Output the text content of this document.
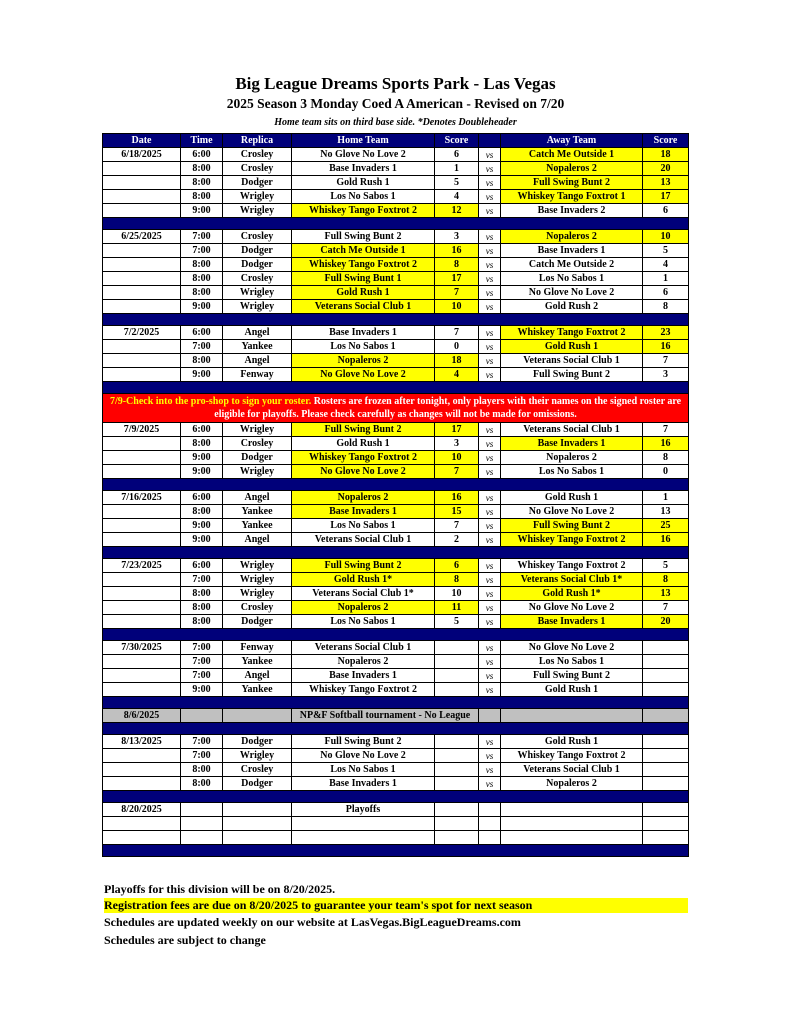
Big League Dreams Sports Park - Las Vegas
2025 Season 3 Monday Coed A American - Revised on 7/20
Home team sits on third base side. *Denotes Doubleheader
Date	Time	Replica	Home Team	Score		Away Team	Score
6/18/2025	6:00	Crosley	No Glove No Love 2	6	vs	Catch Me Outside 1	18
	8:00	Crosley	Base Invaders 1	1	vs	Nopaleros 2	20
	8:00	Dodger	Gold Rush 1	5	vs	Full Swing Bunt 2	13
	8:00	Wrigley	Los No Sabos 1	4	vs	Whiskey Tango Foxtrot 1	17
	9:00	Wrigley	Whiskey Tango Foxtrot 2	12	vs	Base Invaders 2	6

6/25/2025	7:00	Crosley	Full Swing Bunt 2	3	vs	Nopaleros 2	10
	7:00	Dodger	Catch Me Outside 1	16	vs	Base Invaders 1	5
	8:00	Dodger	Whiskey Tango Foxtrot 2	8	vs	Catch Me Outside 2	4
	8:00	Crosley	Full Swing Bunt 1	17	vs	Los No Sabos 1	1
	8:00	Wrigley	Gold Rush 1	7	vs	No Glove No Love 2	6
	9:00	Wrigley	Veterans Social Club 1	10	vs	Gold Rush 2	8

7/2/2025	6:00	Angel	Base Invaders 1	7	vs	Whiskey Tango Foxtrot 2	23
	7:00	Yankee	Los No Sabos 1	0	vs	Gold Rush 1	16
	8:00	Angel	Nopaleros 2	18	vs	Veterans Social Club 1	7
	9:00	Fenway	No Glove No Love 2	4	vs	Full Swing Bunt 2	3

7/9-Check into the pro-shop to sign your roster. Rosters are frozen after tonight, only players with their names on the signed roster are eligible for playoffs. Please check carefully as changes will not be made for omissions.							
7/9/2025	6:00	Wrigley	Full Swing Bunt 2	17	vs	Veterans Social Club 1	7
	8:00	Crosley	Gold Rush 1	3	vs	Base Invaders 1	16
	9:00	Dodger	Whiskey Tango Foxtrot 2	10	vs	Nopaleros 2	8
	9:00	Wrigley	No Glove No Love 2	7	vs	Los No Sabos 1	0

7/16/2025	6:00	Angel	Nopaleros 2	16	vs	Gold Rush 1	1
	8:00	Yankee	Base Invaders 1	15	vs	No Glove No Love 2	13
	9:00	Yankee	Los No Sabos 1	7	vs	Full Swing Bunt 2	25
	9:00	Angel	Veterans Social Club 1	2	vs	Whiskey Tango Foxtrot 2	16

7/23/2025	6:00	Wrigley	Full Swing Bunt 2	6	vs	Whiskey Tango Foxtrot 2	5
	7:00	Wrigley	Gold Rush 1*	8	vs	Veterans Social Club 1*	8
	8:00	Wrigley	Veterans Social Club 1*	10	vs	Gold Rush 1*	13
	8:00	Crosley	Nopaleros 2	11	vs	No Glove No Love 2	7
	8:00	Dodger	Los No Sabos 1	5	vs	Base Invaders 1	20

7/30/2025	7:00	Fenway	Veterans Social Club 1		vs	No Glove No Love 2	
	7:00	Yankee	Nopaleros 2		vs	Los No Sabos 1	
	7:00	Angel	Base Invaders 1		vs	Full Swing Bunt 2	
	9:00	Yankee	Whiskey Tango Foxtrot 2		vs	Gold Rush 1	

8/6/2025			NP&F Softball tournament - No League				

8/13/2025	7:00	Dodger	Full Swing Bunt 2		vs	Gold Rush 1	
	7:00	Wrigley	No Glove No Love 2		vs	Whiskey Tango Foxtrot 2	
	8:00	Crosley	Los No Sabos 1		vs	Veterans Social Club 1	
	8:00	Dodger	Base Invaders 1		vs	Nopaleros 2	

8/20/2025			Playoffs				

Playoffs for this division will be on 8/20/2025.
Registration fees are due on 8/20/2025 to guarantee your team's spot for next season
Schedules are updated weekly on our website at LasVegas.BigLeagueDreams.com
Schedules are subject to change
